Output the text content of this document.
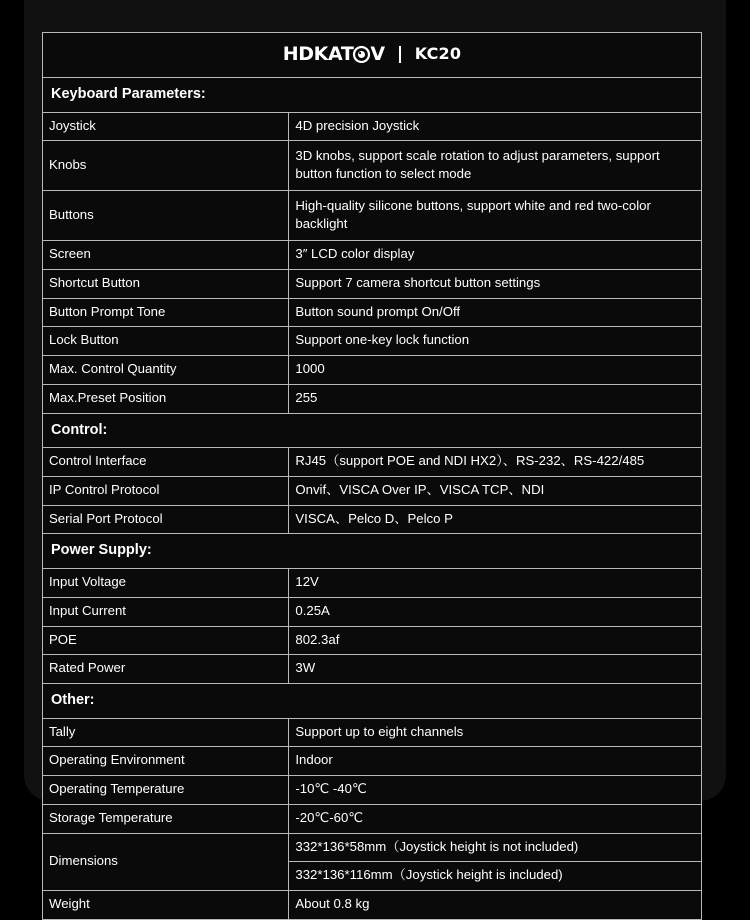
HDKAT V KC20	

Keyboard Parameters:	
Joystick	4D precision Joystick
Knobs	3D knobs, support scale rotation to adjust parameters, support button function to select mode
Buttons	High-quality silicone buttons, support white and red two-color backlight
Screen	3″ LCD color display
Shortcut Button	Support 7 camera shortcut button settings
Button Prompt Tone	Button sound prompt On/Off
Lock Button	Support one-key lock function
Max. Control Quantity	1000
Max.Preset Position	255
Control:	
Control Interface	RJ45（support POE and NDI HX2）、RS-232、RS-422/485
IP Control Protocol	Onvif、VISCA Over IP、VISCA TCP、NDI
Serial Port Protocol	VISCA、Pelco D、Pelco P
Power Supply:	
Input Voltage	12V
Input Current	0.25A
POE	802.3af
Rated Power	3W
Other:	
Tally	Support up to eight channels
Operating Environment	Indoor
Operating Temperature	-10℃ -40℃
Storage Temperature	-20℃-60℃
Dimensions	332*136*58mm（Joystick height is not included)
	332*136*116mm（Joystick height is included)
Weight	About 0.8 kg
